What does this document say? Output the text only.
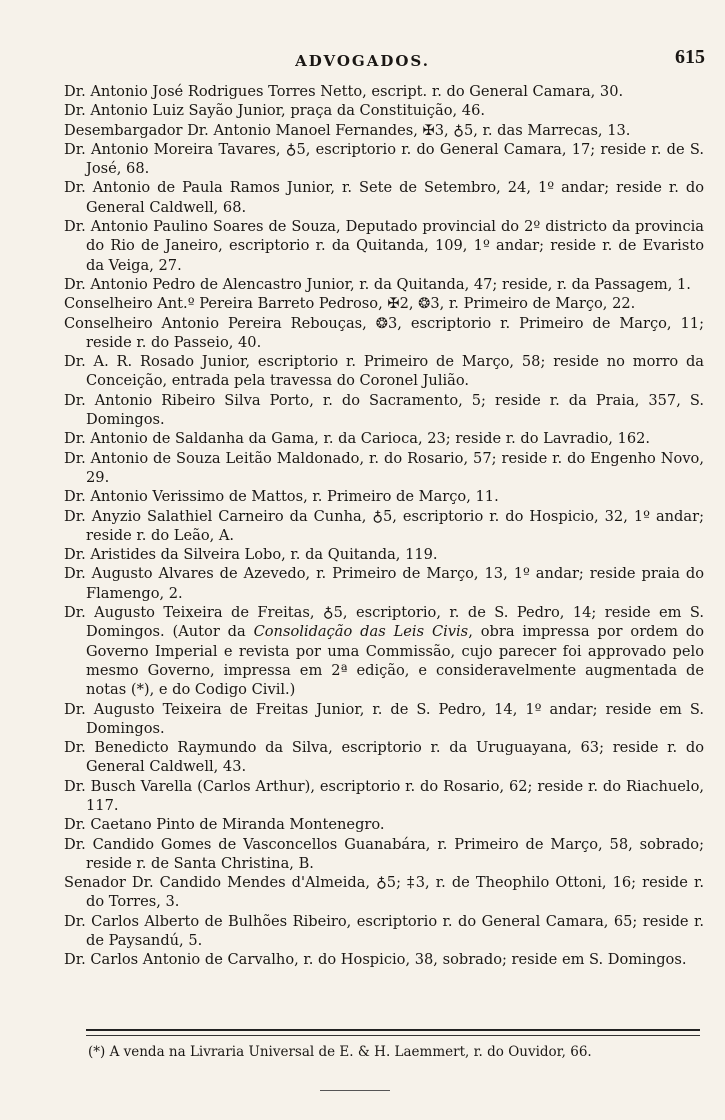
ADVOGADOS.	615
Dr. Antonio José Rodrigues Torres Netto, escript. r. do General Camara, 30.
Dr. Antonio Luiz Sayão Junior, praça da Constituição, 46.
Desembargador Dr. Antonio Manoel Fernandes, ✠3, ♁5, r. das Marrecas, 13.
Dr. Antonio Moreira Tavares, ♁5, escriptorio r. do General Camara, 17; reside r. de S. José, 68.
Dr. Antonio de Paula Ramos Junior, r. Sete de Setembro, 24, 1º andar; reside r. do General Caldwell, 68.
Dr. Antonio Paulino Soares de Souza, Deputado provincial do 2º districto da provincia do Rio de Janeiro, escriptorio r. da Quitanda, 109, 1º andar; reside r. de Evaristo da Veiga, 27.
Dr. Antonio Pedro de Alencastro Junior, r. da Quitanda, 47; reside, r. da Passagem, 1.
Conselheiro Ant.º Pereira Barreto Pedroso, ✠2, ❂3, r. Primeiro de Março, 22.
Conselheiro Antonio Pereira Rebouças, ❂3, escriptorio r. Primeiro de Março, 11; reside r. do Passeio, 40.
Dr. A. R. Rosado Junior, escriptorio r. Primeiro de Março, 58; reside no morro da Conceição, entrada pela travessa do Coronel Julião.
Dr. Antonio Ribeiro Silva Porto, r. do Sacramento, 5; reside r. da Praia, 357, S. Domingos.
Dr. Antonio de Saldanha da Gama, r. da Carioca, 23; reside r. do Lavradio, 162.
Dr. Antonio de Souza Leitão Maldonado, r. do Rosario, 57; reside r. do Engenho Novo, 29.
Dr. Antonio Verissimo de Mattos, r. Primeiro de Março, 11.
Dr. Anyzio Salathiel Carneiro da Cunha, ♁5, escriptorio r. do Hospicio, 32, 1º andar; reside r. do Leão, A.
Dr. Aristides da Silveira Lobo, r. da Quitanda, 119.
Dr. Augusto Alvares de Azevedo, r. Primeiro de Março, 13, 1º andar; reside praia do Flamengo, 2.
Dr. Augusto Teixeira de Freitas, ♁5, escriptorio, r. de S. Pedro, 14; reside em S. Domingos. (Autor da Consolidação das Leis Civis, obra impressa por ordem do Governo Imperial e revista por uma Commissão, cujo parecer foi approvado pelo mesmo Governo, impressa em 2ª edição, e consideravelmente augmentada de notas (*), e do Codigo Civil.)
Dr. Augusto Teixeira de Freitas Junior, r. de S. Pedro, 14, 1º andar; reside em S. Domingos.
Dr. Benedicto Raymundo da Silva, escriptorio r. da Uruguayana, 63; reside r. do General Caldwell, 43.
Dr. Busch Varella (Carlos Arthur), escriptorio r. do Rosario, 62; reside r. do Riachuelo, 117.
Dr. Caetano Pinto de Miranda Montenegro.
Dr. Candido Gomes de Vasconcellos Guanabára, r. Primeiro de Março, 58, sobrado; reside r. de Santa Christina, B.
Senador Dr. Candido Mendes d'Almeida, ♁5; ‡3, r. de Theophilo Ottoni, 16; reside r. do Torres, 3.
Dr. Carlos Alberto de Bulhões Ribeiro, escriptorio r. do General Camara, 65; reside r. de Paysandú, 5.
Dr. Carlos Antonio de Carvalho, r. do Hospicio, 38, sobrado; reside em S. Domingos.
(*) A venda na Livraria Universal de E. & H. Laemmert, r. do Ouvidor, 66.
